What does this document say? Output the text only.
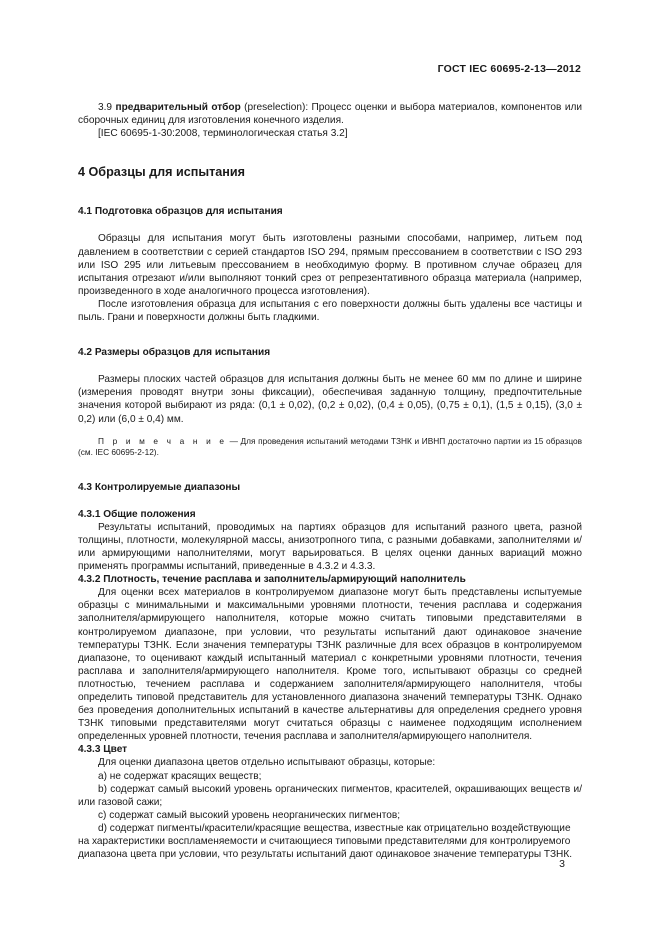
ГОСТ IEC 60695-2-13—2012

3.9 предварительный отбор (preselection): Процесс оценки и выбора материалов, компонентов или сборочных единиц для изготовления конечного изделия.

[IEC 60695-1-30:2008, терминологическая статья 3.2]

4 Образцы для испытания
4.1 Подготовка образцов для испытания

Образцы для испытания могут быть изготовлены разными способами, например, литьем под давлением в соответствии с серией стандартов ISO 294, прямым прессованием в соответствии с ISO 293 или ISO 295 или литьевым прессованием в необходимую форму. В противном случае образец для испытания отрезают и/или выполняют тонкий срез от репрезентативного образца материала (например, произведенного в ходе аналогичного процесса изготовления).

После изготовления образца для испытания с его поверхности должны быть удалены все частицы и пыль. Грани и поверхности должны быть гладкими.

4.2 Размеры образцов для испытания

Размеры плоских частей образцов для испытания должны быть не менее 60 мм по длине и ширине (измерения проводят внутри зоны фиксации), обеспечивая заданную толщину, предпочтительные значения которой выбирают из ряда: (0,1 ± 0,02), (0,2 ± 0,02), (0,4 ± 0,05), (0,75 ± 0,1), (1,5 ± 0,15), (3,0 ± 0,2) или (6,0 ± 0,4) мм.

П р и м е ч а н и е — Для проведения испытаний методами ТЗНК и ИВНП достаточно партии из 15 образцов (см. IEC 60695-2-12).

4.3 Контролируемые диапазоны
4.3.1 Общие положения

Результаты испытаний, проводимых на партиях образцов для испытаний разного цвета, разной толщины, плотности, молекулярной массы, анизотропного типа, с разными добавками, заполнителями и/или армирующими наполнителями, могут варьироваться. В целях оценки данных вариаций можно применять программы испытаний, приведенные в 4.3.2 и 4.3.3.

4.3.2 Плотность, течение расплава и заполнитель/армирующий наполнитель

Для оценки всех материалов в контролируемом диапазоне могут быть представлены испытуемые образцы с минимальными и максимальными уровнями плотности, течения расплава и содержания заполнителя/армирующего наполнителя, которые можно считать типовыми представителями в контролируемом диапазоне, при условии, что результаты испытаний дают одинаковое значение температуры ТЗНК. Если значения температуры ТЗНК различные для всех образцов в контролируемом диапазоне, то оценивают каждый испытанный материал с конкретными уровнями плотности, течения расплава и заполнителя/армирующего наполнителя. Кроме того, испытывают образцы со средней плотностью, течением расплава и содержанием заполнителя/армирующего наполнителя, чтобы определить типовой представитель для установленного диапазона значений температуры ТЗНК. Однако без проведения дополнительных испытаний в качестве альтернативы для определения среднего уровня ТЗНК типовыми представителями могут считаться образцы с наименее подходящим исполнением определенных уровней плотности, течения расплава и заполнителя/армирующего наполнителя.

4.3.3 Цвет

Для оценки диапазона цветов отдельно испытывают образцы, которые:

а) не содержат красящих веществ;

b) содержат самый высокий уровень органических пигментов, красителей, окрашивающих веществ и/или газовой сажи;

c) содержат самый высокий уровень неорганических пигментов;

d) содержат пигменты/красители/красящие вещества, известные как отрицательно воздействующие на характеристики воспламеняемости и считающиеся типовыми представителями для контролируемого диапазона цвета при условии, что результаты испытаний дают одинаковое значение температуры ТЗНК.

3
